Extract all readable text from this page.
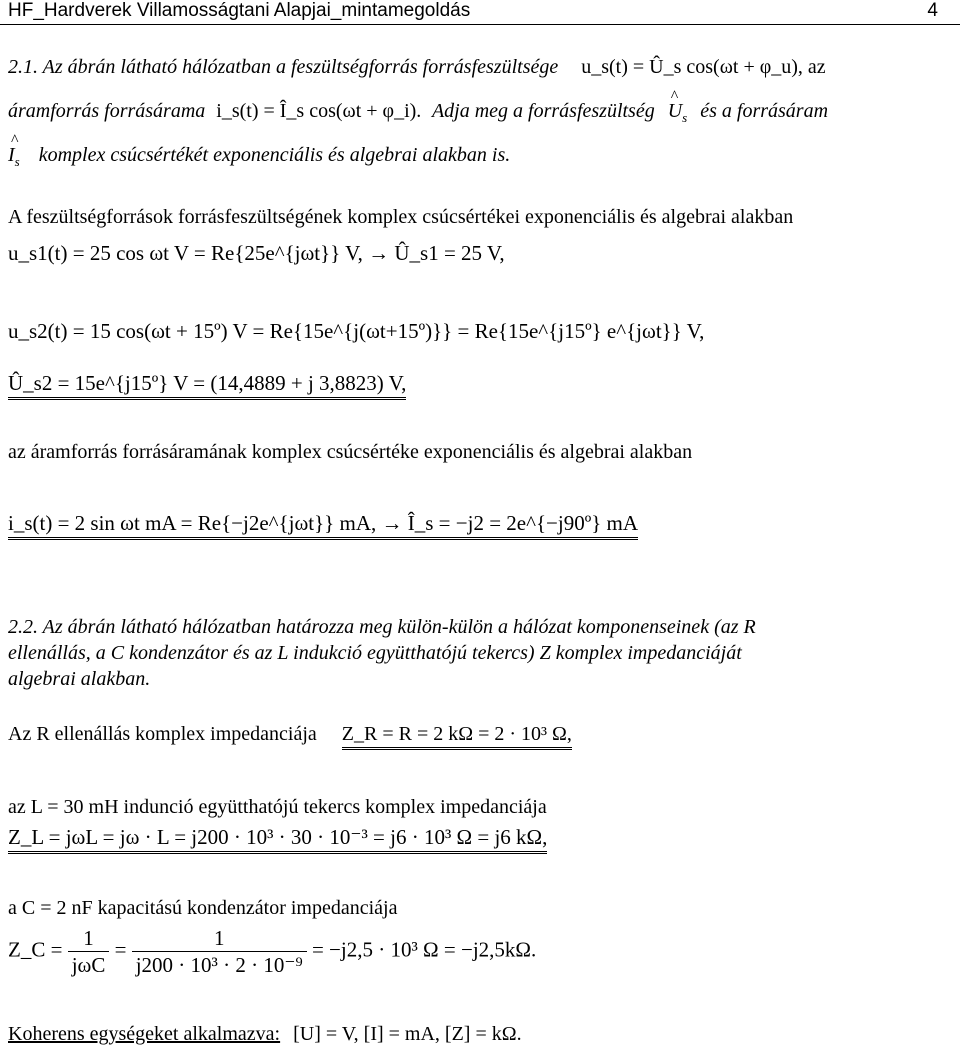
HF_Hardverek Villamosságtani Alapjai_mintamegoldás	4
2.1. Az ábrán látható hálózatban a feszültségforrás forrásfeszültsége u_s(t) = Û_s cos(ωt + φ_u), az
áramforrás forrásárama i_s(t) = Î_s cos(ωt + φ_i). Adja meg a forrásfeszültség ^ $U_s$ és a forrásáram
^ $I_s$ komplex csúcsértékét exponenciális és algebrai alakban is.
A feszültségforrások forrásfeszültségének komplex csúcsértékei exponenciális és algebrai alakban
u_s1(t) = 25 cos ωt V = Re{25e^{jωt}} V, → Û_s1 = 25 V,
u_s2(t) = 15 cos(ωt + 15º) V = Re{15e^{j(ωt+15º)}} = Re{15e^{j15º} e^{jωt}} V,
Û_s2 = 15e^{j15º} V = (14,4889 + j 3,8823) V,
az áramforrás forrásáramának komplex csúcsértéke exponenciális és algebrai alakban
i_s(t) = 2 sin ωt mA = Re{−j2e^{jωt}} mA, → Î_s = −j2 = 2e^{−j90º} mA
2.2. Az ábrán látható hálózatban határozza meg külön-külön a hálózat komponenseinek (az R
ellenállás, a C kondenzátor és az L indukció együtthatójú tekercs) Z komplex impedanciáját
algebrai alakban.
Az R ellenállás komplex impedanciája Z_R = R = 2 kΩ = 2 · 10³ Ω,
az L = 30 mH indunció együtthatójú tekercs komplex impedanciája
Z_L = jωL = jω · L = j200 · 10³ · 30 · 10⁻³ = j6 · 10³ Ω = j6 kΩ,
a C = 2 nF kapacitású kondenzátor impedanciája
Z_C = $\frac{1}{\text{jωC}} = \frac{1}{\text{j200 · 10³ · 2 · 10⁻⁹}} = -j2,5 \cdot 10^3$ Ω = −j2,5kΩ.
Koherens egységeket alkalmazva: [U] = V, [I] = mA, [Z] = kΩ.
